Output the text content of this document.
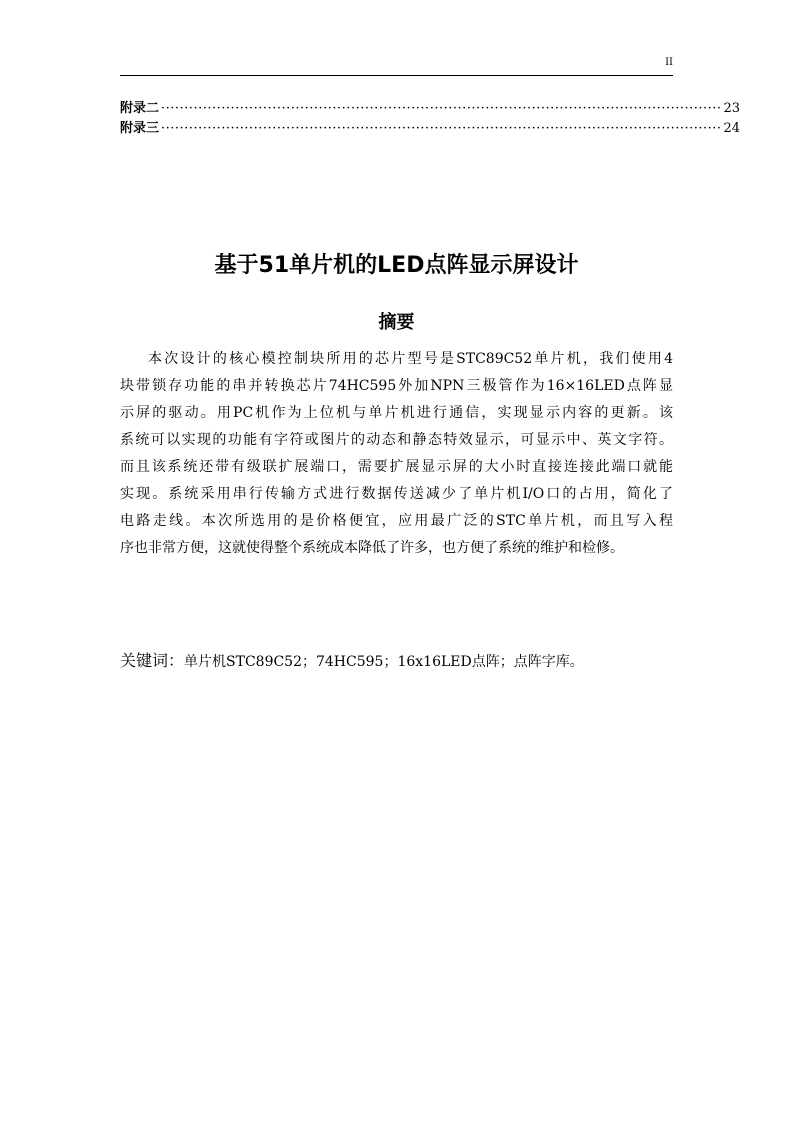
II
附录二 ························································································································· 23
附录三 ························································································································· 24
基于51单片机的LED点阵显示屏设计
摘要
本次设计的核心模控制块所用的芯片型号是STC89C52单片机，我们使用4
块带锁存功能的串并转换芯片74HC595外加NPN三极管作为16×16LED点阵显
示屏的驱动。用PC机作为上位机与单片机进行通信，实现显示内容的更新。该
系统可以实现的功能有字符或图片的动态和静态特效显示，可显示中、英文字符。
而且该系统还带有级联扩展端口，需要扩展显示屏的大小时直接连接此端口就能
实现。系统采用串行传输方式进行数据传送减少了单片机I/O口的占用，简化了
电路走线。本次所选用的是价格便宜，应用最广泛的STC单片机，而且写入程
序也非常方便，这就使得整个系统成本降低了许多，也方便了系统的维护和检修。
关键词：单片机STC89C52；74HC595；16x16LED点阵；点阵字库。
